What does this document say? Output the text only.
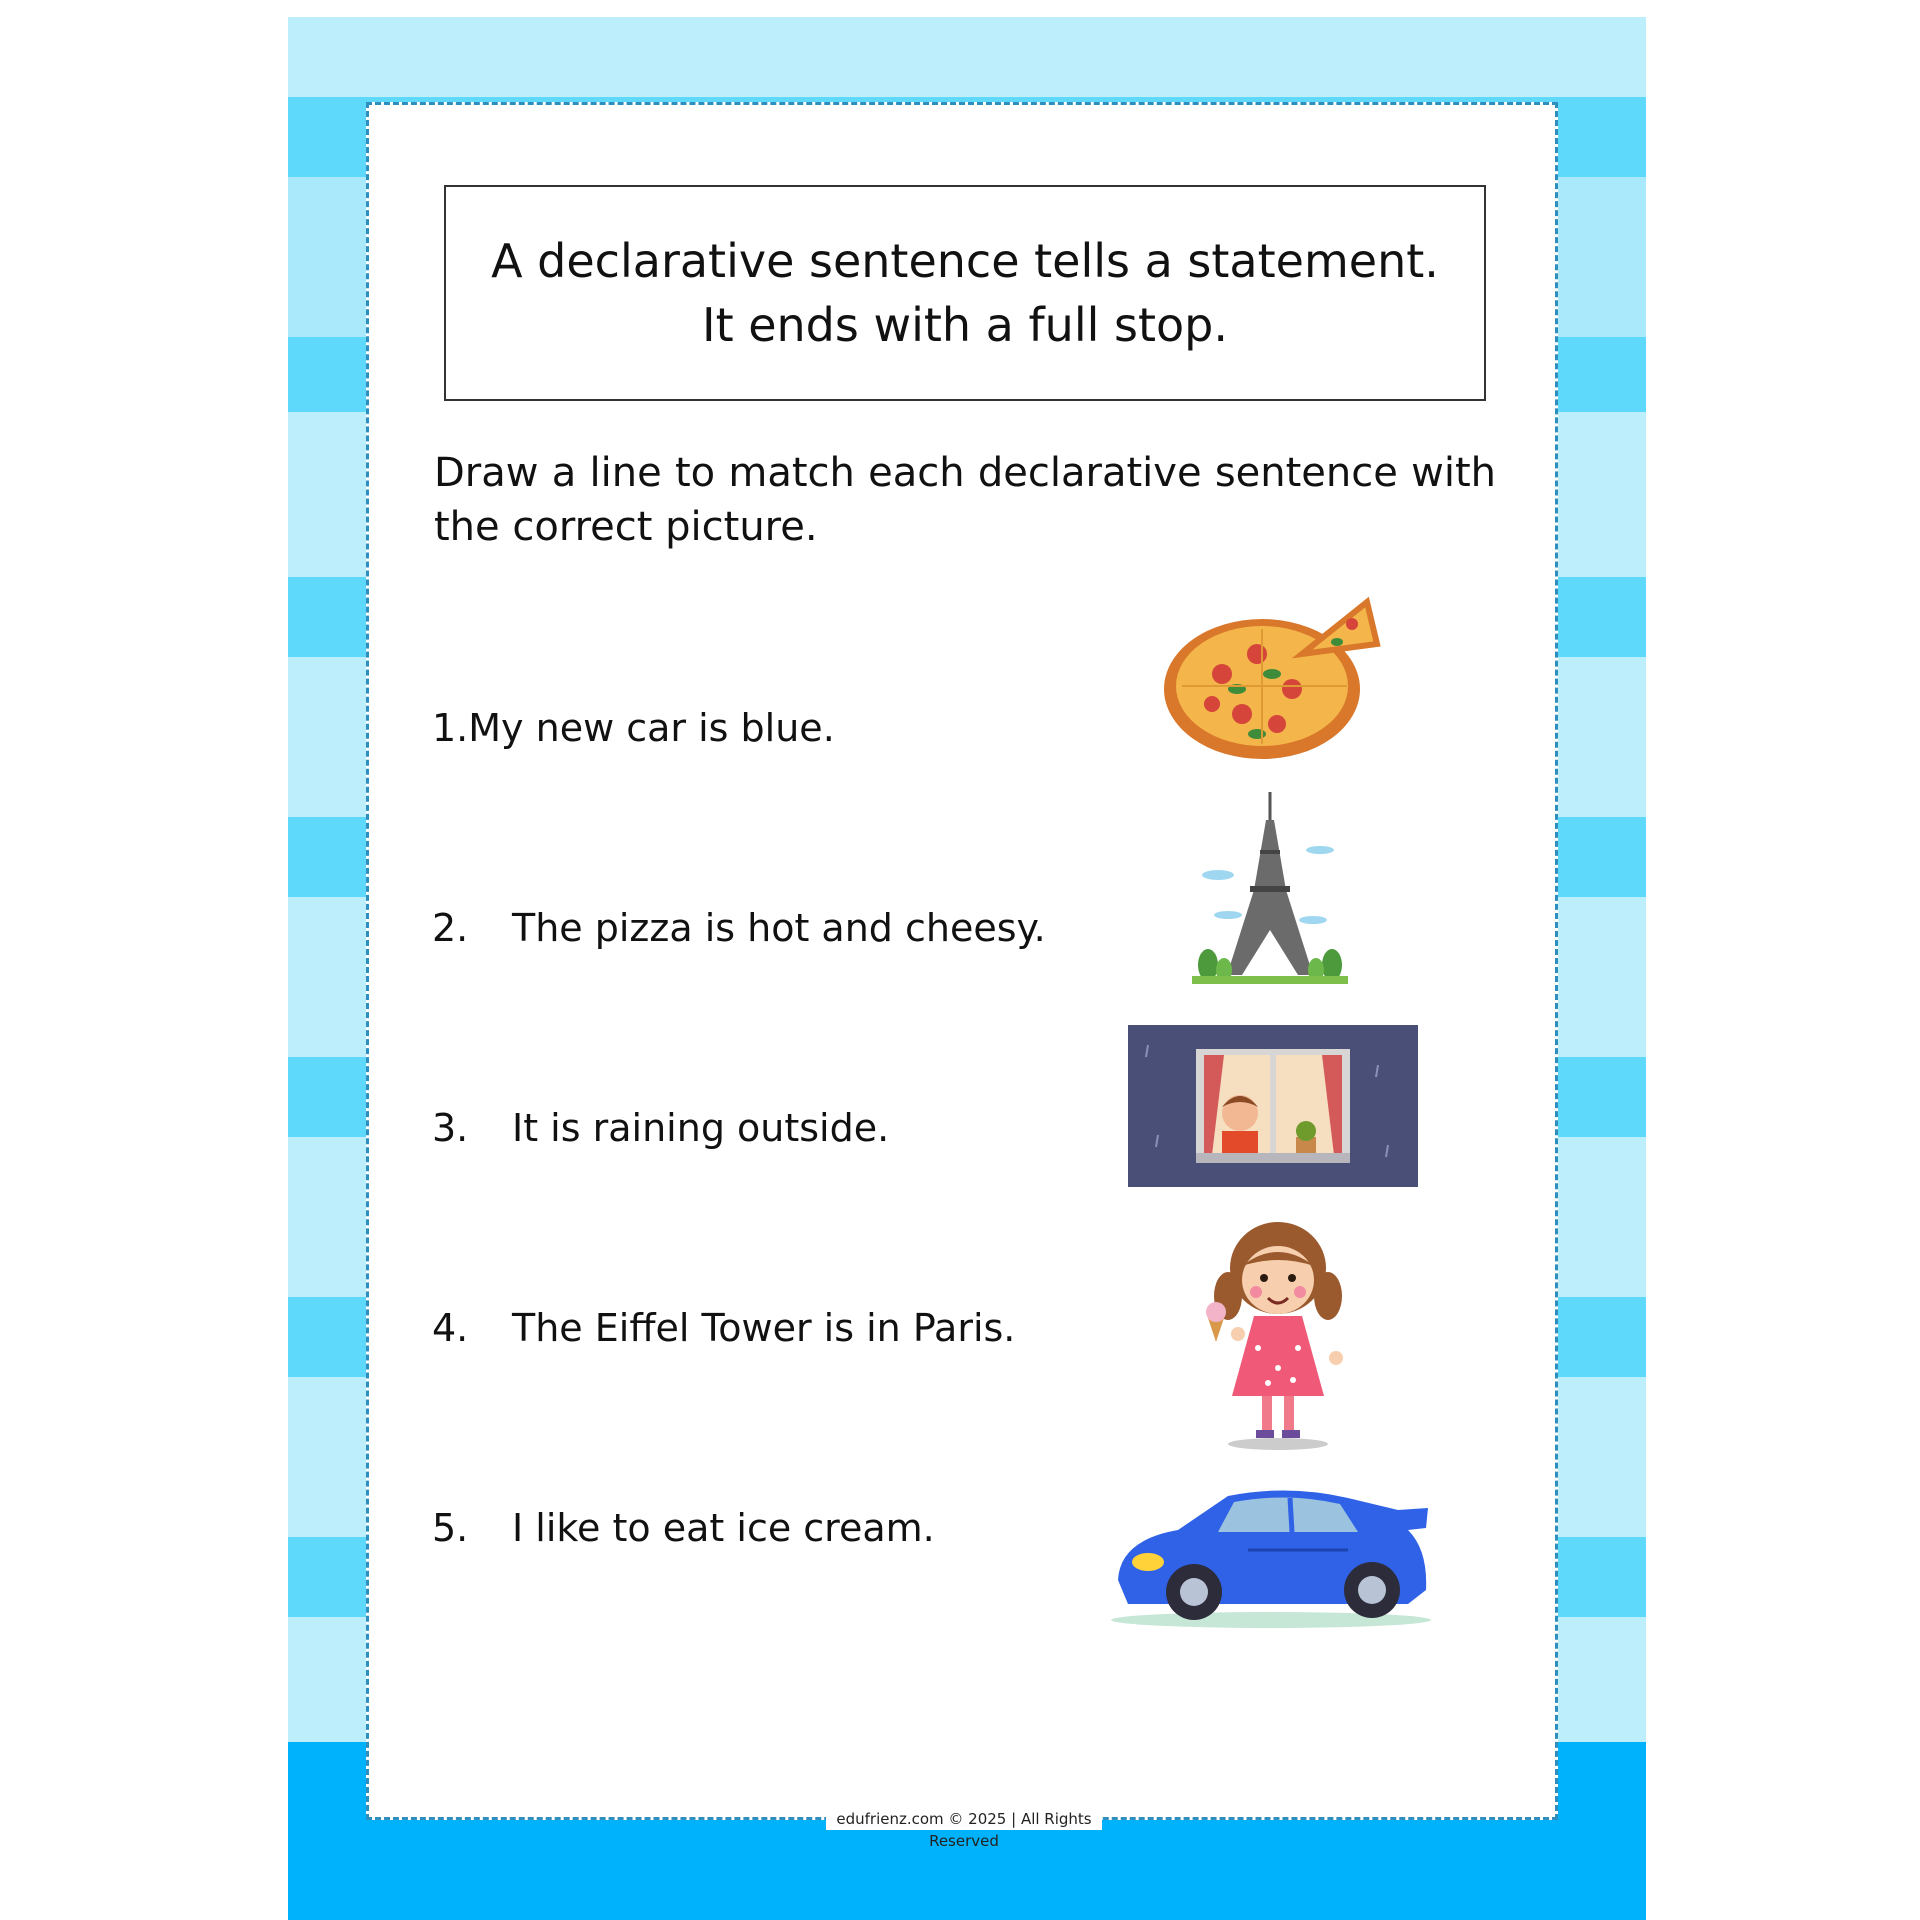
A declarative sentence tells a statement.
It ends with a full stop.
Draw a line to match each declarative sentence with the correct picture.
1.My new car is blue.
2. The pizza is hot and cheesy.
3. It is raining outside.
4. The Eiffel Tower is in Paris.
5. I like to eat ice cream.
edufrienz.com © 2025 | All Rights Reserved
